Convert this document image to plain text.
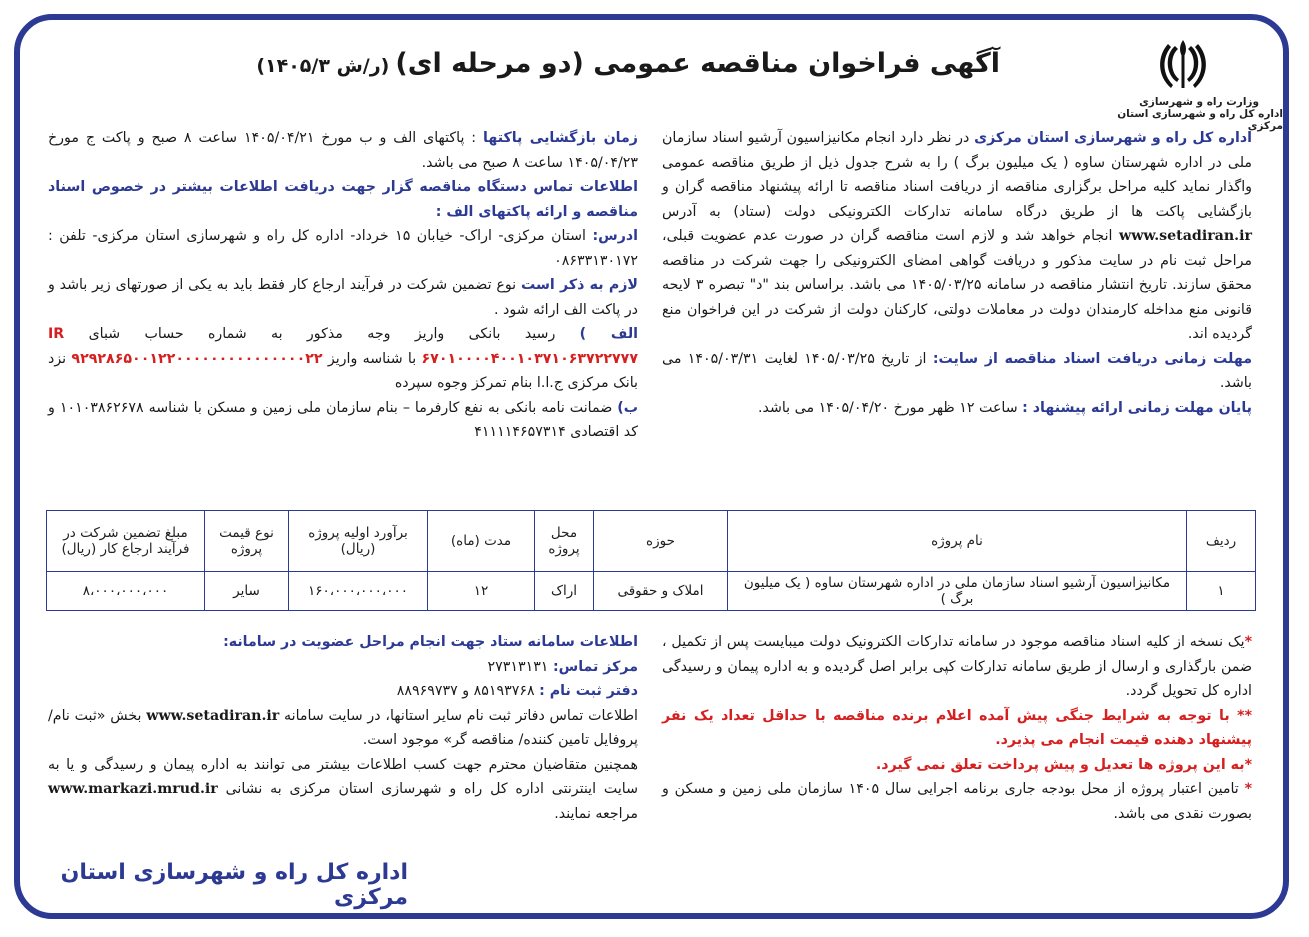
وزارت راه و شهرسازی
اداره کل راه و شهرسازی استان مرکزی
آگهی فراخوان مناقصه عمومی (دو مرحله ای)(ر/ش ۱۴۰۵/۳)

اداره کل راه و شهرسازی استان مرکزی در نظر دارد انجام مکانیزاسیون آرشیو اسناد سازمان ملی در اداره شهرستان ساوه ( یک میلیون برگ ) را به شرح جدول ذیل از طریق مناقصه عمومی واگذار نماید کلیه مراحل برگزاری مناقصه از دریافت اسناد مناقصه تا ارائه پیشنهاد مناقصه گران و بازگشایی پاکت ها از طریق درگاه سامانه تدارکات الکترونیکی دولت (ستاد) به آدرس www.setadiran.ir انجام خواهد شد و لازم است مناقصه گران در صورت عدم عضویت قبلی، مراحل ثبت نام در سایت مذکور و دریافت گواهی امضای الکترونیکی را جهت شرکت در مناقصه محقق سازند. تاریخ انتشار مناقصه در سامانه ۱۴۰۵/۰۳/۲۵ می باشد. براساس بند "د" تبصره ۳ لایحه قانونی منع مداخله کارمندان دولت در معاملات دولتی، کارکنان دولت از شرکت در این فراخوان منع گردیده اند.

مهلت زمانی دریافت اسناد مناقصه از سایت: از تاریخ ۱۴۰۵/۰۳/۲۵ لغایت ۱۴۰۵/۰۳/۳۱ می باشد.

پایان مهلت زمانی ارائه پیشنهاد : ساعت ۱۲ ظهر مورخ ۱۴۰۵/۰۴/۲۰ می باشد.

زمان بازگشایی پاکتها : پاکتهای الف و ب مورخ ۱۴۰۵/۰۴/۲۱ ساعت ۸ صبح و پاکت ج مورخ ۱۴۰۵/۰۴/۲۳ ساعت ۸ صبح می باشد.

اطلاعات تماس دستگاه مناقصه گزار جهت دریافت اطلاعات بیشتر در خصوص اسناد مناقصه و ارائه پاکتهای الف :

ادرس: استان مرکزی- اراک- خیابان ۱۵ خرداد- اداره کل راه و شهرسازی استان مرکزی- تلفن : ۰۸۶۳۳۱۳۰۱۷۲

لازم به ذکر است نوع تضمین شرکت در فرآیند ارجاع کار فقط باید به یکی از صورتهای زیر باشد و در پاکت الف ارائه شود .

الف ) رسید بانکی واریز وجه مذکور به شماره حساب شبای IR ۶۷۰۱۰۰۰۰۴۰۰۱۰۳۷۱۰۶۳۷۲۲۷۷۷ با شناسه واریز ۹۲۹۲۸۶۵۰۰۱۲۲۰۰۰۰۰۰۰۰۰۰۰۰۰۰۰۲۲ نزد بانک مرکزی ج.ا.ا بنام تمرکز وجوه سپرده

ب) ضمانت نامه بانکی به نفع کارفرما – بنام سازمان ملی زمین و مسکن با شناسه ۱۰۱۰۳۸۶۲۶۷۸ و کد اقتصادی ۴۱۱۱۱۴۶۵۷۳۱۴

ردیف	نام پروژه	حوزه	محل پروژه	مدت (ماه)	برآورد اولیه پروژه (ریال)	نوع قیمت پروژه	مبلغ تضمین شرکت در فرآیند ارجاع کار (ریال)
۱	مکانیزاسیون آرشیو اسناد سازمان ملی در اداره شهرستان ساوه ( یک میلیون برگ )	املاک و حقوقی	اراک	۱۲	۱۶۰،۰۰۰،۰۰۰،۰۰۰	سایر	۸،۰۰۰،۰۰۰،۰۰۰

*یک نسخه از کلیه اسناد مناقصه موجود در سامانه تدارکات الکترونیک دولت میبایست پس از تکمیل ، ضمن بارگذاری و ارسال از طریق سامانه تدارکات کپی برابر اصل گردیده و به اداره پیمان و رسیدگی اداره کل تحویل گردد.

** با توجه به شرایط جنگی پیش آمده اعلام برنده مناقصه با حداقل تعداد یک نفر پیشنهاد دهنده قیمت انجام می پذیرد.

*به این پروژه ها تعدیل و پیش پرداخت تعلق نمی گیرد.

* تامین اعتبار پروژه از محل بودجه جاری برنامه اجرایی سال ۱۴۰۵ سازمان ملی زمین و مسکن و بصورت نقدی می باشد.

اطلاعات سامانه ستاد جهت انجام مراحل عضویت در سامانه:

مرکز تماس: ۲۷۳۱۳۱۳۱

دفتر ثبت نام : ۸۵۱۹۳۷۶۸ و ۸۸۹۶۹۷۳۷

اطلاعات تماس دفاتر ثبت نام سایر استانها، در سایت سامانه www.setadiran.ir بخش «ثبت نام/ پروفایل تامین کننده/ مناقصه گر» موجود است.

همچنین متقاضیان محترم جهت کسب اطلاعات بیشتر می توانند به اداره پیمان و رسیدگی و یا به سایت اینترنتی اداره کل راه و شهرسازی استان مرکزی به نشانی www.markazi.mrud.ir مراجعه نمایند.

اداره کل راه و شهرسازی استان مرکزی
